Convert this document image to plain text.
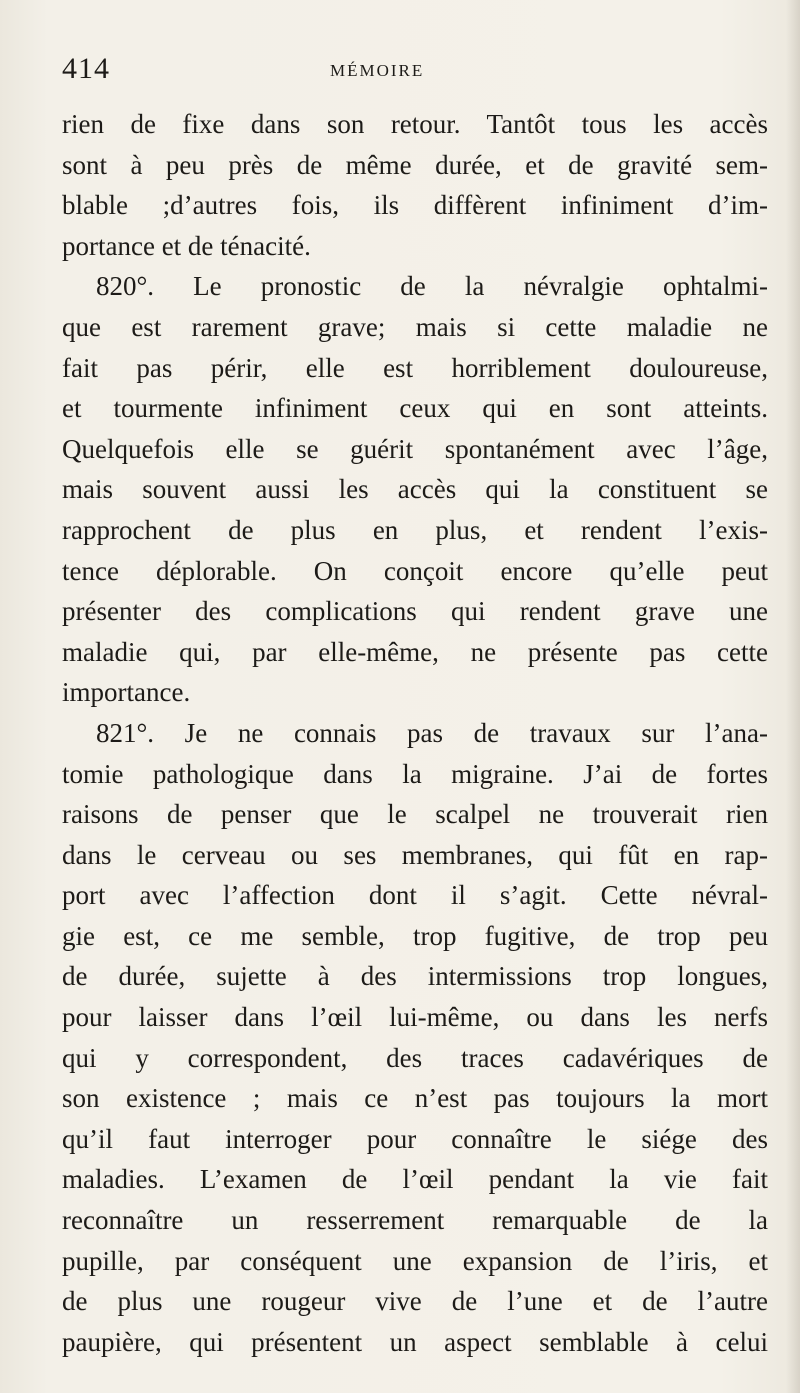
414	MÉMOIRE
rien de fixe dans son retour. Tantôt tous les accès
sont à peu près de même durée, et de gravité sem-
blable ;d’autres fois, ils diffèrent infiniment d’im-
portance et de ténacité.
820°. Le pronostic de la névralgie ophtalmi-
que est rarement grave; mais si cette maladie ne
fait pas périr, elle est horriblement douloureuse,
et tourmente infiniment ceux qui en sont atteints.
Quelquefois elle se guérit spontanément avec l’âge,
mais souvent aussi les accès qui la constituent se
rapprochent de plus en plus, et rendent l’exis-
tence déplorable. On conçoit encore qu’elle peut
présenter des complications qui rendent grave une
maladie qui, par elle-même, ne présente pas cette
importance.
821°. Je ne connais pas de travaux sur l’ana-
tomie pathologique dans la migraine. J’ai de fortes
raisons de penser que le scalpel ne trouverait rien
dans le cerveau ou ses membranes, qui fût en rap-
port avec l’affection dont il s’agit. Cette névral-
gie est, ce me semble, trop fugitive, de trop peu
de durée, sujette à des intermissions trop longues,
pour laisser dans l’œil lui-même, ou dans les nerfs
qui y correspondent, des traces cadavériques de
son existence ; mais ce n’est pas toujours la mort
qu’il faut interroger pour connaître le siége des
maladies. L’examen de l’œil pendant la vie fait
reconnaître un resserrement remarquable de la
pupille, par conséquent une expansion de l’iris, et
de plus une rougeur vive de l’une et de l’autre
paupière, qui présentent un aspect semblable à celui
